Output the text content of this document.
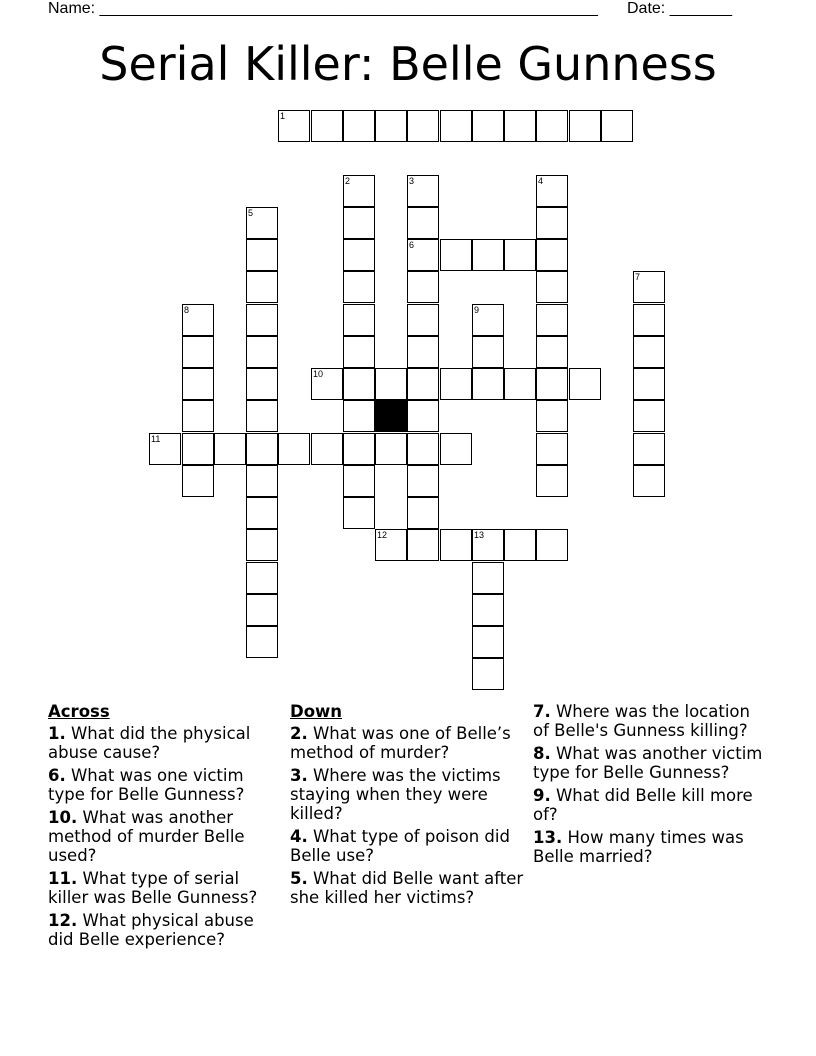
Name: ________________________________________________________ Date: _______
Serial Killer: Belle Gunness
1
2	3
6
4
5
7
8	9
10
11
12	13
Across
1. What did the physical abuse cause?
6. What was one victim type for Belle Gunness?
10. What was another method of murder Belle used?
11. What type of serial killer was Belle Gunness?
12. What physical abuse did Belle experience?
Down
2. What was one of Belle’s method of murder?
3. Where was the victims staying when they were killed?
4. What type of poison did Belle use?
5. What did Belle want after she killed her victims?
7. Where was the location of Belle's Gunness killing?
8. What was another victim type for Belle Gunness?
9. What did Belle kill more of?
13. How many times was Belle married?
